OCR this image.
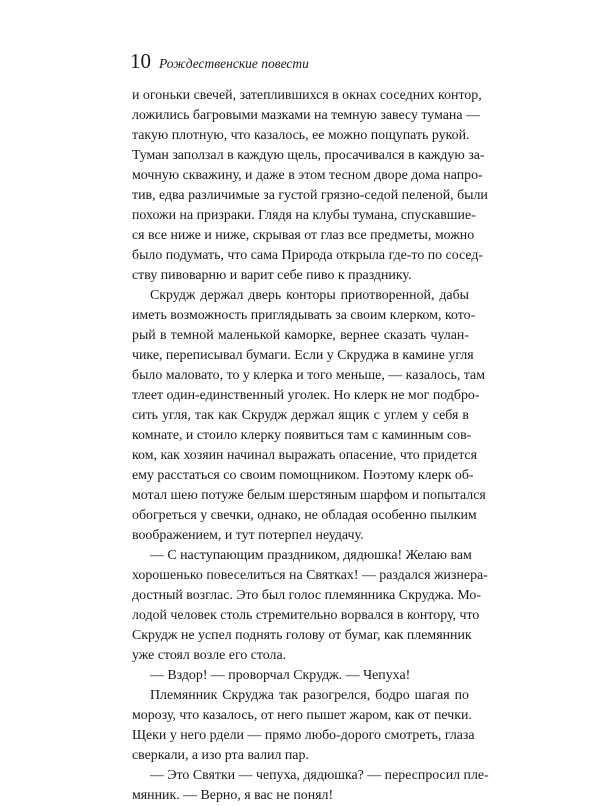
10 Рождественские повести
и огоньки свечей, затеплившихся в окнах соседних контор,
ложились багровыми мазками на темную завесу тумана —
такую плотную, что казалось, ее можно пощупать рукой.
Туман заползал в каждую щель, просачивался в каждую за-
мочную скважину, и даже в этом тесном дворе дома напро-
тив, едва различимые за густой грязно-седой пеленой, были
похожи на призраки. Глядя на клубы тумана, спускавшие-
ся все ниже и ниже, скрывая от глаз все предметы, можно
было подумать, что сама Природа открыла где-то по сосед-
ству пивоварню и варит себе пиво к празднику.
Скрудж держал дверь конторы приотворенной, дабы
иметь возможность приглядывать за своим клерком, кото-
рый в темной маленькой каморке, вернее сказать чулан-
чике, переписывал бумаги. Если у Скруджа в камине угля
было маловато, то у клерка и того меньше, — казалось, там
тлеет один-единственный уголек. Но клерк не мог подбро-
сить угля, так как Скрудж держал ящик с углем у себя в
комнате, и стоило клерку появиться там с каминным сов-
ком, как хозяин начинал выражать опасение, что придется
ему расстаться со своим помощником. Поэтому клерк об-
мотал шею потуже белым шерстяным шарфом и попытался
обогреться у свечки, однако, не обладая особенно пылким
воображением, и тут потерпел неудачу.
— С наступающим праздником, дядюшка! Желаю вам
хорошенько повеселиться на Святках! — раздался жизнера-
достный возглас. Это был голос племянника Скруджа. Мо-
лодой человек столь стремительно ворвался в контору, что
Скрудж не успел поднять голову от бумаг, как племянник
уже стоял возле его стола.
— Вздор! — проворчал Скрудж. — Чепуха!
Племянник Скруджа так разогрелся, бодро шагая по
морозу, что казалось, от него пышет жаром, как от печки.
Щеки у него рдели — прямо любо-дорого смотреть, глаза
сверкали, а изо рта валил пар.
— Это Святки — чепуха, дядюшка? — переспросил пле-
мянник. — Верно, я вас не понял!
